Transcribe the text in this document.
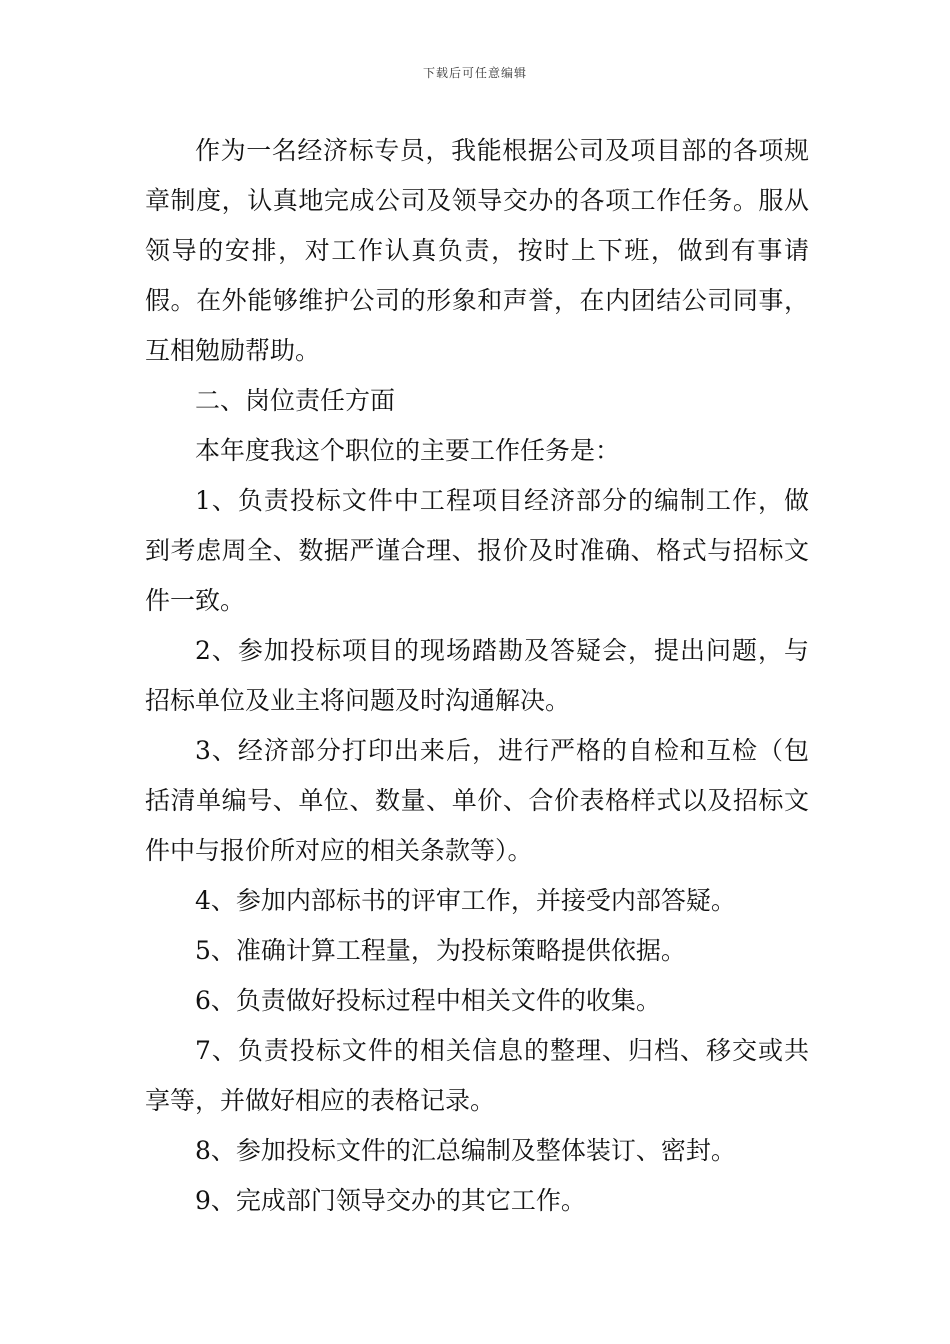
下载后可任意编辑

作为一名经济标专员，我能根据公司及项目部的各项规章制度，认真地完成公司及领导交办的各项工作任务。服从领导的安排，对工作认真负责，按时上下班，做到有事请假。在外能够维护公司的形象和声誉，在内团结公司同事，互相勉励帮助。

二、岗位责任方面

本年度我这个职位的主要工作任务是：

1、负责投标文件中工程项目经济部分的编制工作，做到考虑周全、数据严谨合理、报价及时准确、格式与招标文件一致。

2、参加投标项目的现场踏勘及答疑会，提出问题，与招标单位及业主将问题及时沟通解决。

3、经济部分打印出来后，进行严格的自检和互检（包括清单编号、单位、数量、单价、合价表格样式以及招标文件中与报价所对应的相关条款等）。

4、参加内部标书的评审工作，并接受内部答疑。

5、准确计算工程量，为投标策略提供依据。

6、负责做好投标过程中相关文件的收集。

7、负责投标文件的相关信息的整理、归档、移交或共享等，并做好相应的表格记录。

8、参加投标文件的汇总编制及整体装订、密封。

9、完成部门领导交办的其它工作。
